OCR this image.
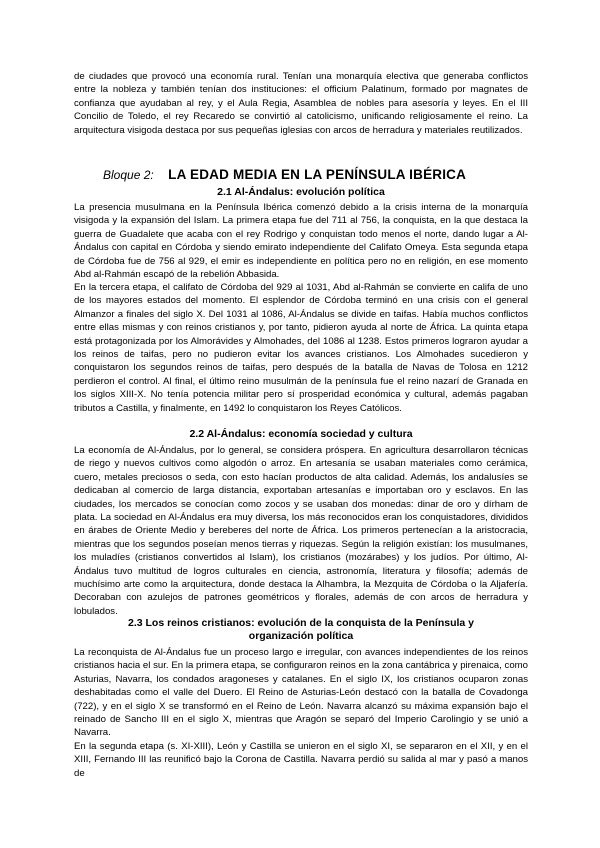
de ciudades que provocó una economía rural. Tenían una monarquía electiva que generaba conflictos entre la nobleza y también tenían dos instituciones: el officium Palatinum, formado por magnates de confianza que ayudaban al rey, y el Aula Regia, Asamblea de nobles para asesoría y leyes. En el III Concilio de Toledo, el rey Recaredo se convirtió al catolicismo, unificando religiosamente el reino. La arquitectura visigoda destaca por sus pequeñas iglesias con arcos de herradura y materiales reutilizados.

Bloque 2: LA EDAD MEDIA EN LA PENÍNSULA IBÉRICA
2.1 Al-Ándalus: evolución política

La presencia musulmana en la Península Ibérica comenzó debido a la crisis interna de la monarquía visigoda y la expansión del Islam. La primera etapa fue del 711 al 756, la conquista, en la que destaca la guerra de Guadalete que acaba con el rey Rodrigo y conquistan todo menos el norte, dando lugar a Al-Ándalus con capital en Córdoba y siendo emirato independiente del Califato Omeya. Esta segunda etapa de Córdoba fue de 756 al 929, el emir es independiente en política pero no en religión, en ese momento Abd al-Rahmán escapó de la rebelión Abbasida.

En la tercera etapa, el califato de Córdoba del 929 al 1031, Abd al-Rahmán se convierte en califa de uno de los mayores estados del momento. El esplendor de Córdoba terminó en una crisis con el general Almanzor a finales del siglo X. Del 1031 al 1086, Al-Ándalus se divide en taifas. Había muchos conflictos entre ellas mismas y con reinos cristianos y, por tanto, pidieron ayuda al norte de África. La quinta etapa está protagonizada por los Almorávides y Almohades, del 1086 al 1238. Estos primeros lograron ayudar a los reinos de taifas, pero no pudieron evitar los avances cristianos. Los Almohades sucedieron y conquistaron los segundos reinos de taifas, pero después de la batalla de Navas de Tolosa en 1212 perdieron el control. Al final, el último reino musulmán de la península fue el reino nazarí de Granada en los siglos XIII-X. No tenía potencia militar pero sí prosperidad económica y cultural, además pagaban tributos a Castilla, y finalmente, en 1492 lo conquistaron los Reyes Católicos.

2.2 Al-Ándalus: economía sociedad y cultura

La economía de Al-Ándalus, por lo general, se considera próspera. En agricultura desarrollaron técnicas de riego y nuevos cultivos como algodón o arroz. En artesanía se usaban materiales como cerámica, cuero, metales preciosos o seda, con esto hacían productos de alta calidad. Además, los andalusíes se dedicaban al comercio de larga distancia, exportaban artesanías e importaban oro y esclavos. En las ciudades, los mercados se conocían como zocos y se usaban dos monedas: dinar de oro y dírham de plata. La sociedad en Al-Ándalus era muy diversa, los más reconocidos eran los conquistadores, divididos en árabes de Oriente Medio y bereberes del norte de África. Los primeros pertenecían a la aristocracia, mientras que los segundos poseían menos tierras y riquezas. Según la religión existían: los musulmanes, los muladíes (cristianos convertidos al Islam), los cristianos (mozárabes) y los judíos. Por último, Al-Ándalus tuvo multitud de logros culturales en ciencia, astronomía, literatura y filosofía; además de muchísimo arte como la arquitectura, donde destaca la Alhambra, la Mezquita de Córdoba o la Aljafería. Decoraban con azulejos de patrones geométricos y florales, además de con arcos de herradura y lobulados.

2.3 Los reinos cristianos: evolución de la conquista de la Península y organización política

La reconquista de Al-Ándalus fue un proceso largo e irregular, con avances independientes de los reinos cristianos hacia el sur. En la primera etapa, se configuraron reinos en la zona cantábrica y pirenaica, como Asturias, Navarra, los condados aragoneses y catalanes. En el siglo IX, los cristianos ocuparon zonas deshabitadas como el valle del Duero. El Reino de Asturias-León destacó con la batalla de Covadonga (722), y en el siglo X se transformó en el Reino de León. Navarra alcanzó su máxima expansión bajo el reinado de Sancho III en el siglo X, mientras que Aragón se separó del Imperio Carolingio y se unió a Navarra.

En la segunda etapa (s. XI-XIII), León y Castilla se unieron en el siglo XI, se separaron en el XII, y en el XIII, Fernando III las reunificó bajo la Corona de Castilla. Navarra perdió su salida al mar y pasó a manos de
